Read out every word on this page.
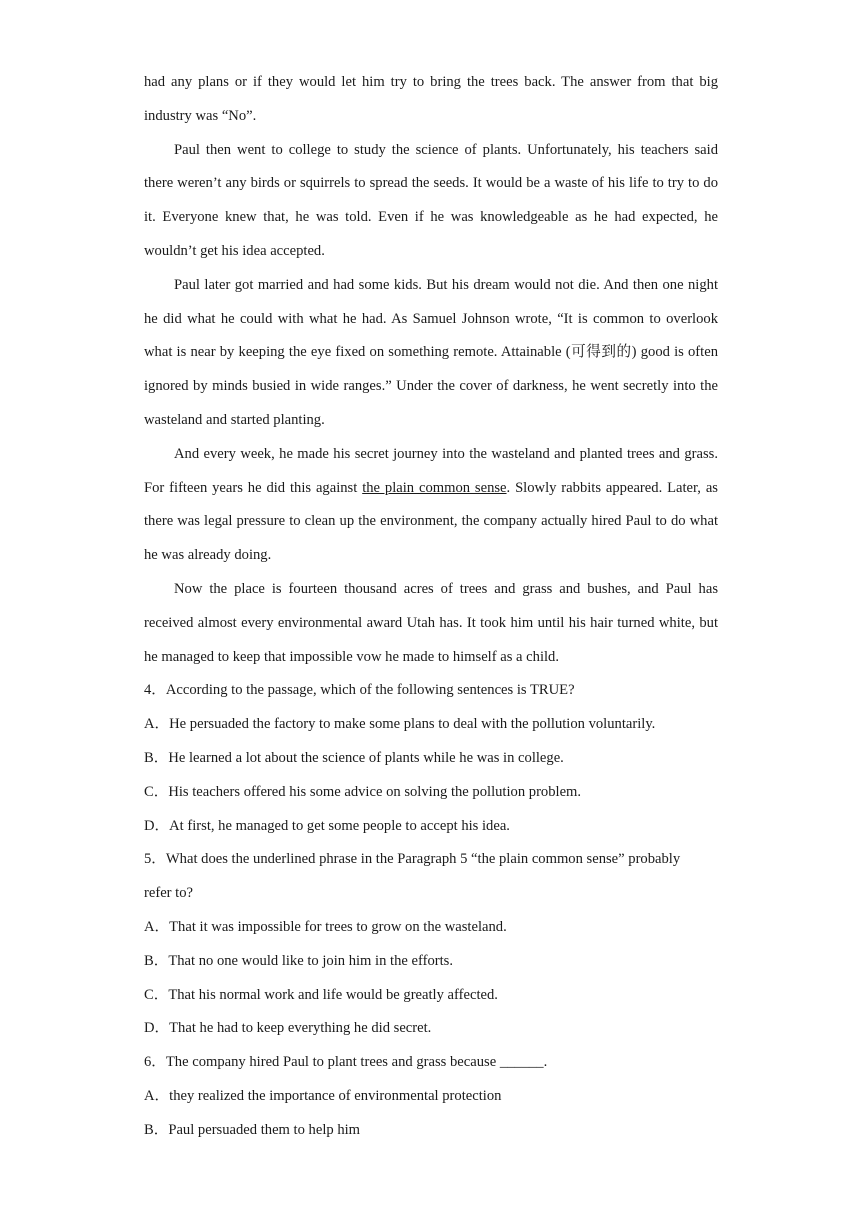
had any plans or if they would let him try to bring the trees back. The answer from that big industry was “No”.

Paul then went to college to study the science of plants. Unfortunately, his teachers said there weren’t any birds or squirrels to spread the seeds. It would be a waste of his life to try to do it. Everyone knew that, he was told. Even if he was knowledgeable as he had expected, he wouldn’t get his idea accepted.

Paul later got married and had some kids. But his dream would not die. And then one night he did what he could with what he had. As Samuel Johnson wrote, “It is common to overlook what is near by keeping the eye fixed on something remote. Attainable (可得到的) good is often ignored by minds busied in wide ranges.” Under the cover of darkness, he went secretly into the wasteland and started planting.

And every week, he made his secret journey into the wasteland and planted trees and grass. For fifteen years he did this against the plain common sense. Slowly rabbits appeared. Later, as there was legal pressure to clean up the environment, the company actually hired Paul to do what he was already doing.

Now the place is fourteen thousand acres of trees and grass and bushes, and Paul has received almost every environmental award Utah has. It took him until his hair turned white, but he managed to keep that impossible vow he made to himself as a child.

4．According to the passage, which of the following sentences is TRUE?

A．He persuaded the factory to make some plans to deal with the pollution voluntarily.

B．He learned a lot about the science of plants while he was in college.

C．His teachers offered his some advice on solving the pollution problem.

D．At first, he managed to get some people to accept his idea.

5．What does the underlined phrase in the Paragraph 5 “the plain common sense” probably refer to?

A．That it was impossible for trees to grow on the wasteland.

B．That no one would like to join him in the efforts.

C．That his normal work and life would be greatly affected.

D．That he had to keep everything he did secret.

6．The company hired Paul to plant trees and grass because ______.

A．they realized the importance of environmental protection

B．Paul persuaded them to help him
